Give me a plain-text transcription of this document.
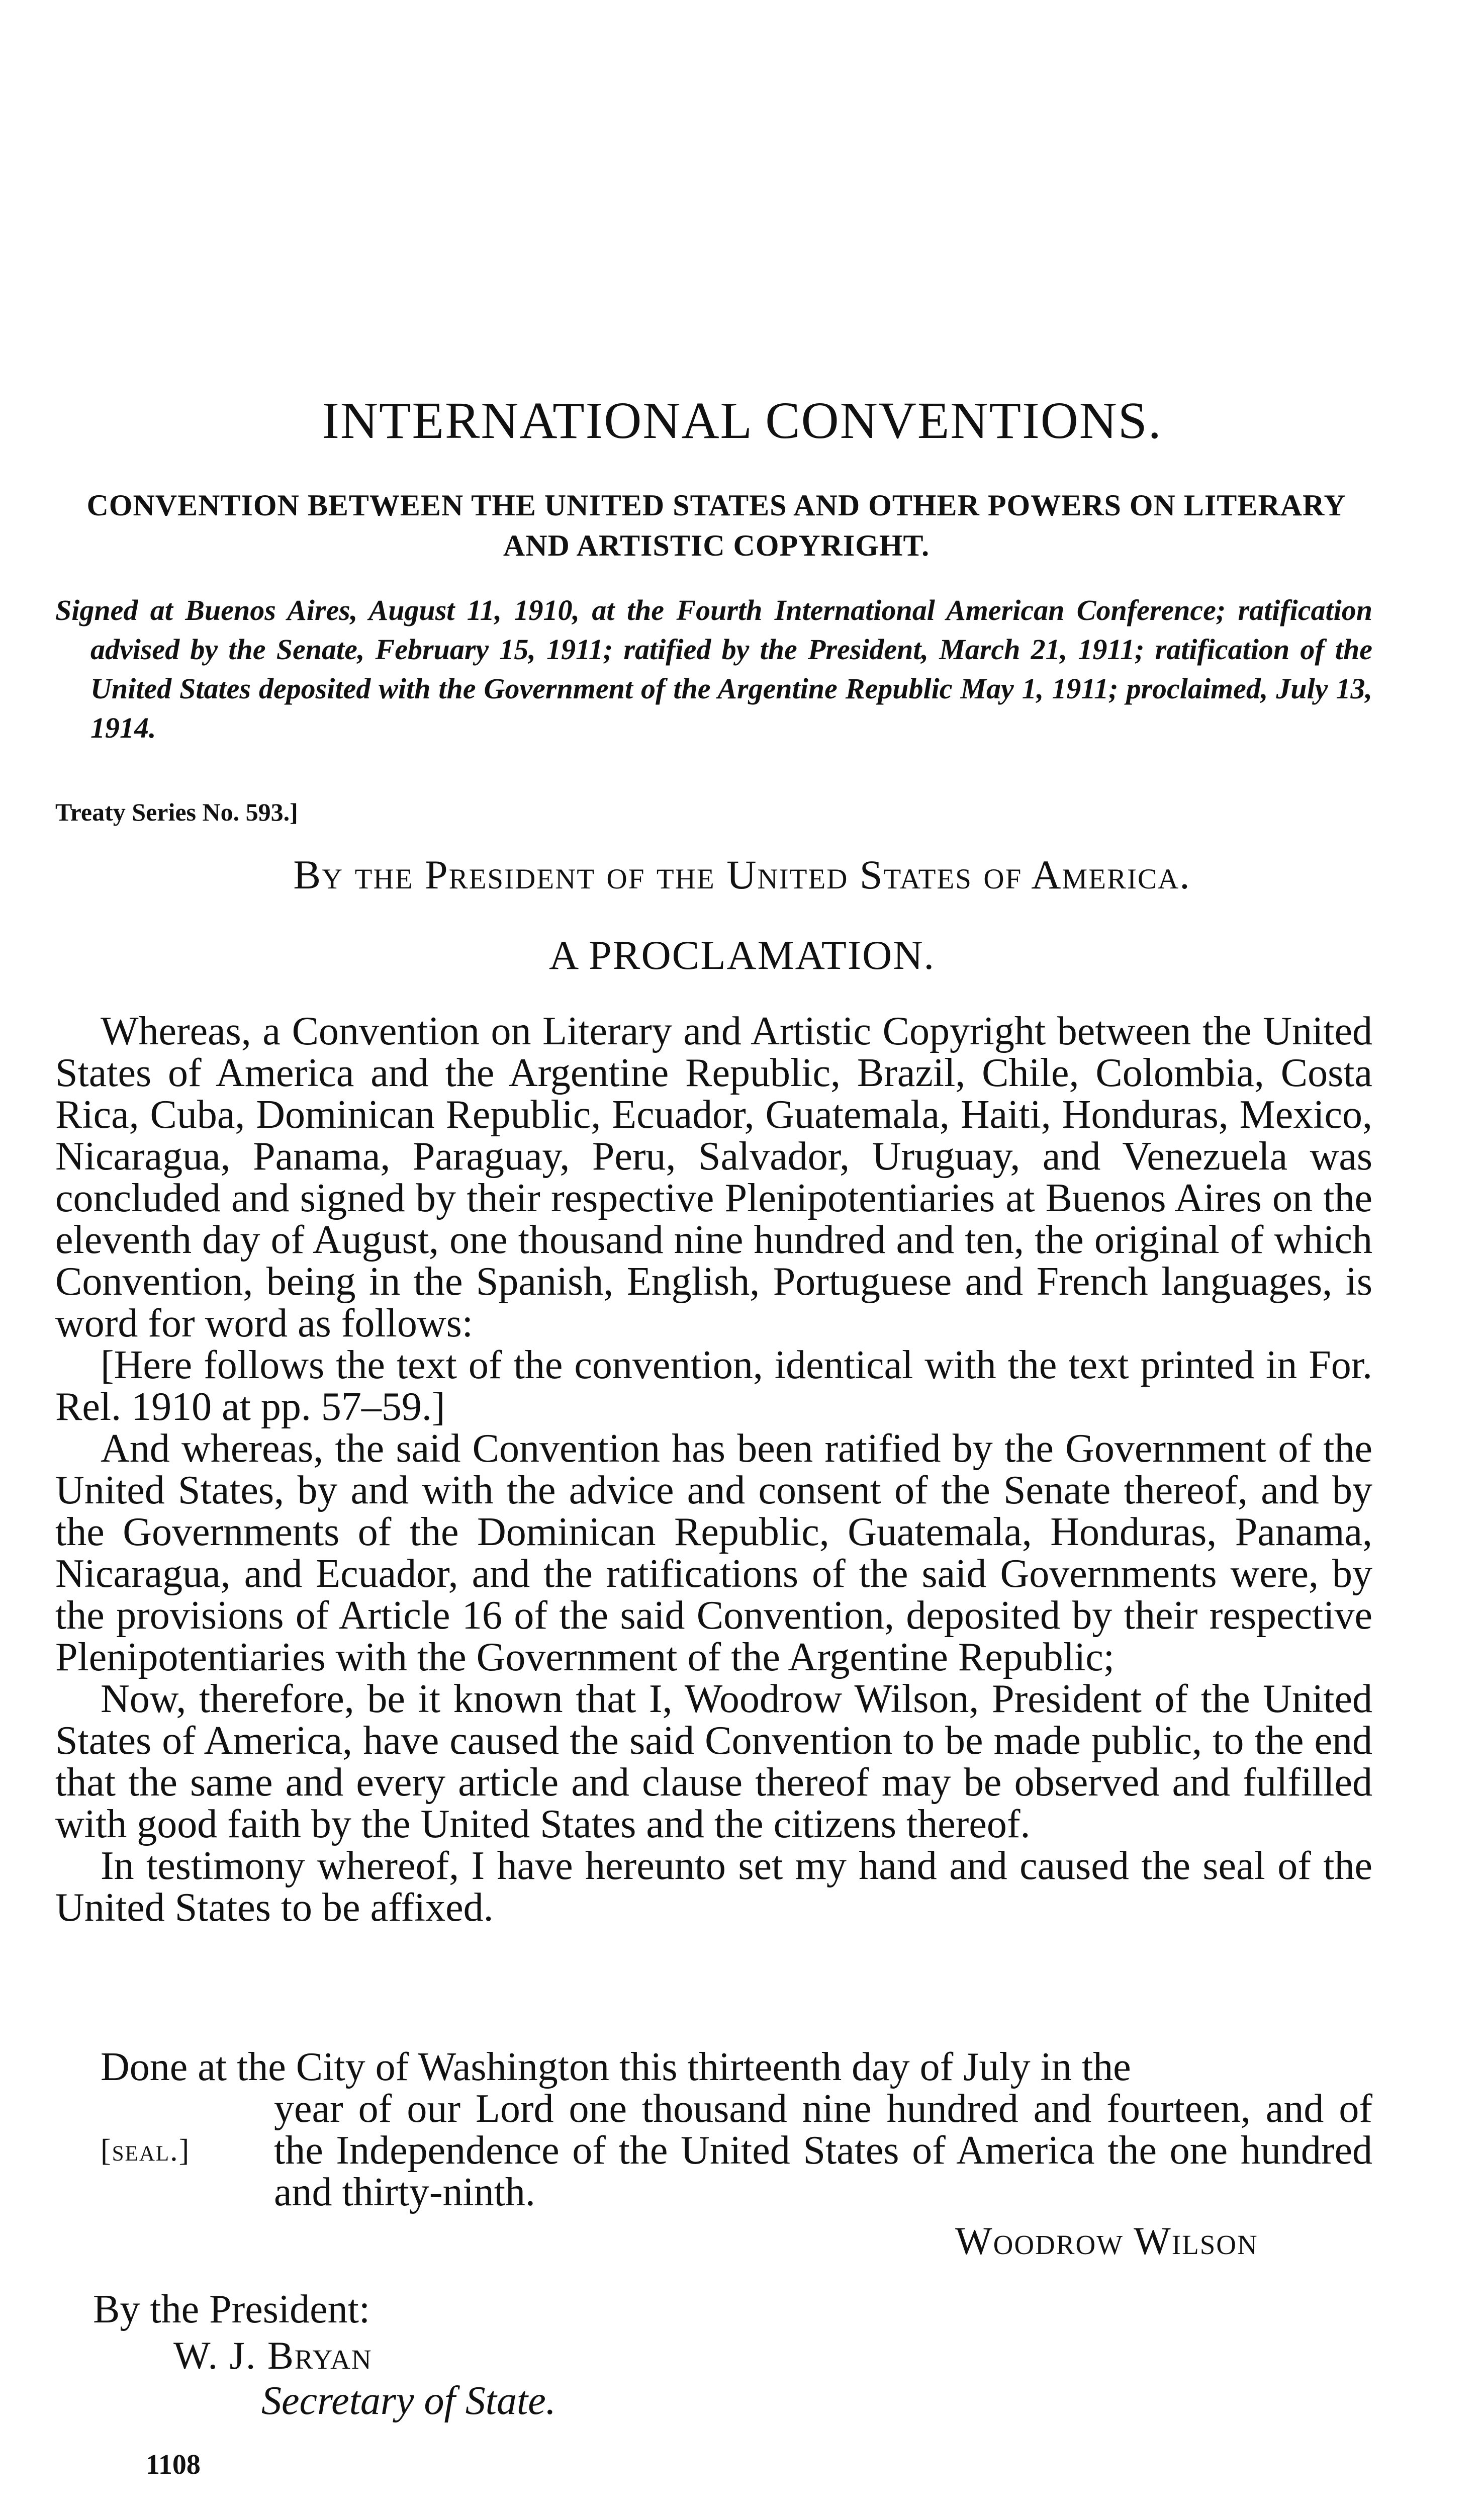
INTERNATIONAL CONVENTIONS.
CONVENTION BETWEEN THE UNITED STATES AND OTHER POWERS ON LITERARY AND ARTISTIC COPYRIGHT.
Signed at Buenos Aires, August 11, 1910, at the Fourth International American Conference; ratification advised by the Senate, February 15, 1911; ratified by the President, March 21, 1911; ratification of the United States deposited with the Government of the Argentine Republic May 1, 1911; proclaimed, July 13, 1914.
Treaty Series No. 593.]
By the President of the United States of America.
A PROCLAMATION.

Whereas, a Convention on Literary and Artistic Copyright between the United States of America and the Argentine Republic, Brazil, Chile, Colombia, Costa Rica, Cuba, Dominican Republic, Ecuador, Guatemala, Haiti, Honduras, Mexico, Nicaragua, Panama, Paraguay, Peru, Salvador, Uruguay, and Venezuela was concluded and signed by their respective Plenipotentiaries at Buenos Aires on the eleventh day of August, one thousand nine hundred and ten, the original of which Convention, being in the Spanish, English, Portuguese and French languages, is word for word as follows:

[Here follows the text of the convention, identical with the text printed in For. Rel. 1910 at pp. 57–59.]

And whereas, the said Convention has been ratified by the Government of the United States, by and with the advice and consent of the Senate thereof, and by the Governments of the Dominican Republic, Guatemala, Honduras, Panama, Nicaragua, and Ecuador, and the ratifications of the said Governments were, by the provisions of Article 16 of the said Convention, deposited by their respective Plenipotentiaries with the Government of the Argentine Republic;

Now, therefore, be it known that I, Woodrow Wilson, President of the United States of America, have caused the said Convention to be made public, to the end that the same and every article and clause thereof may be observed and fulfilled with good faith by the United States and the citizens thereof.

In testimony whereof, I have hereunto set my hand and caused the seal of the United States to be affixed.

Done at the City of Washington this thirteenth day of July in the
[seal.]
year of our Lord one thousand nine hundred and fourteen, and of the Independence of the United States of America the one hundred and thirty-ninth.
Woodrow Wilson
By the President:
W. J. Bryan
Secretary of State.
1108
